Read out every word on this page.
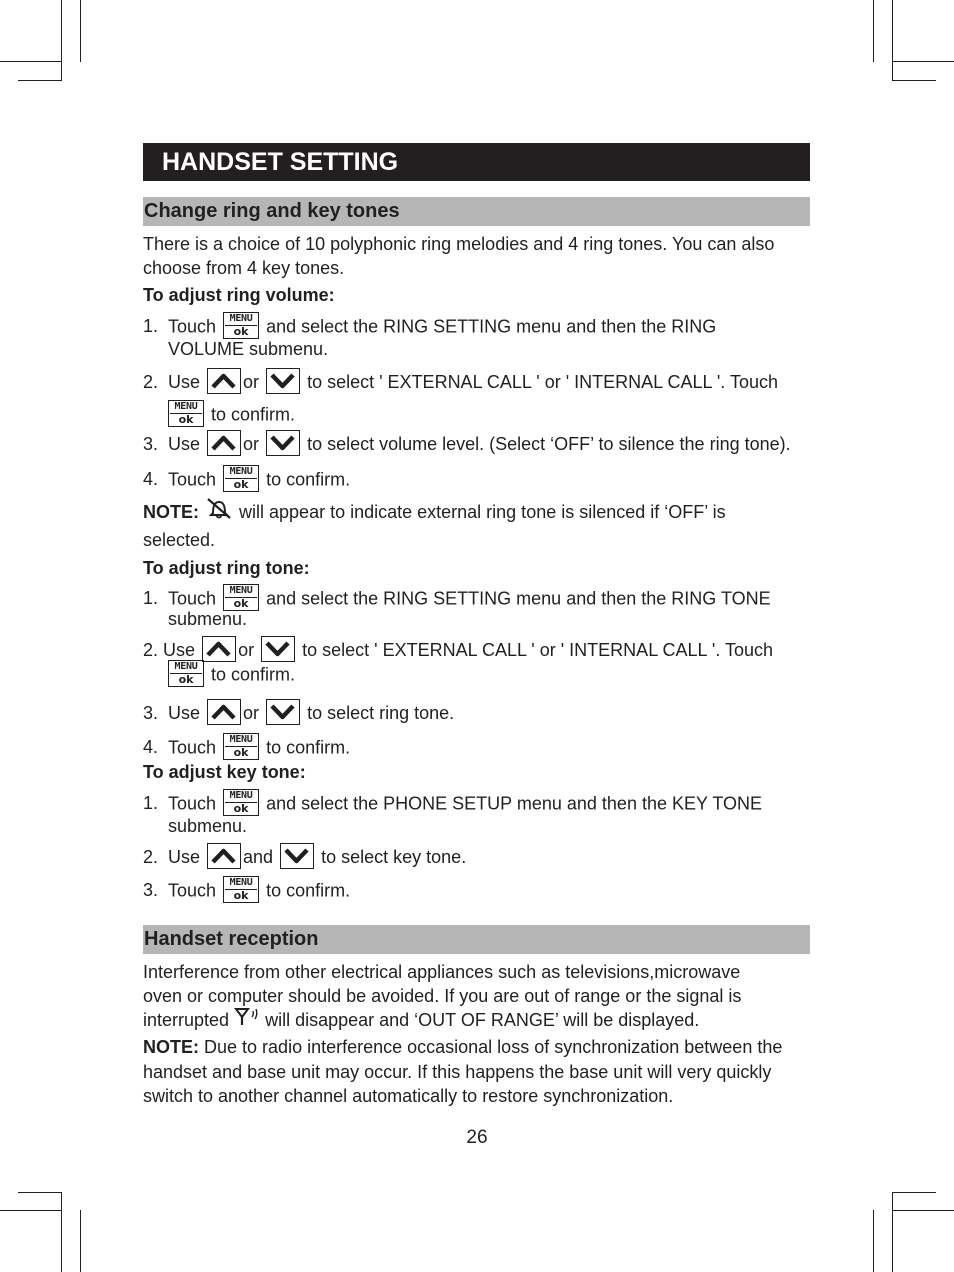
HANDSET SETTING
Change ring and key tones
There is a choice of 10 polyphonic ring melodies and 4 ring tones. You can also
choose from 4 key tones.
To adjust ring volume:
1. Touch	MENU
ok and select the RING SETTING menu and then the RING
VOLUME submenu.
2. Use or	to select ' EXTERNAL CALL ' or ' INTERNAL CALL '. Touch
MENU
ok to confirm.
3. Use or	to select volume level. (Select ‘OFF’ to silence the ring tone).
4. Touch	MENU
ok to confirm.
NOTE: will appear to indicate external ring tone is silenced if ‘OFF’ is
selected.
To adjust ring tone:
1. Touch	MENU
ok and select the RING SETTING menu and then the RING TONE
submenu.
2. Use or	to select ' EXTERNAL CALL ' or ' INTERNAL CALL '. Touch
MENU
ok to confirm.
3. Use or	to select ring tone.
4. Touch	MENU
ok to confirm.
To adjust key tone:
1. Touch	MENU
ok and select the PHONE SETUP menu and then the KEY TONE
submenu.
2. Use and	to select key tone.
3. Touch	MENU
ok to confirm.
Handset reception
Interference from other electrical appliances such as televisions,microwave
oven or computer should be avoided. If you are out of range or the signal is
interrupted will disappear and ‘OUT OF RANGE’ will be displayed.
NOTE: Due to radio interference occasional loss of synchronization between the
handset and base unit may occur. If this happens the base unit will very quickly
switch to another channel automatically to restore synchronization.
26
